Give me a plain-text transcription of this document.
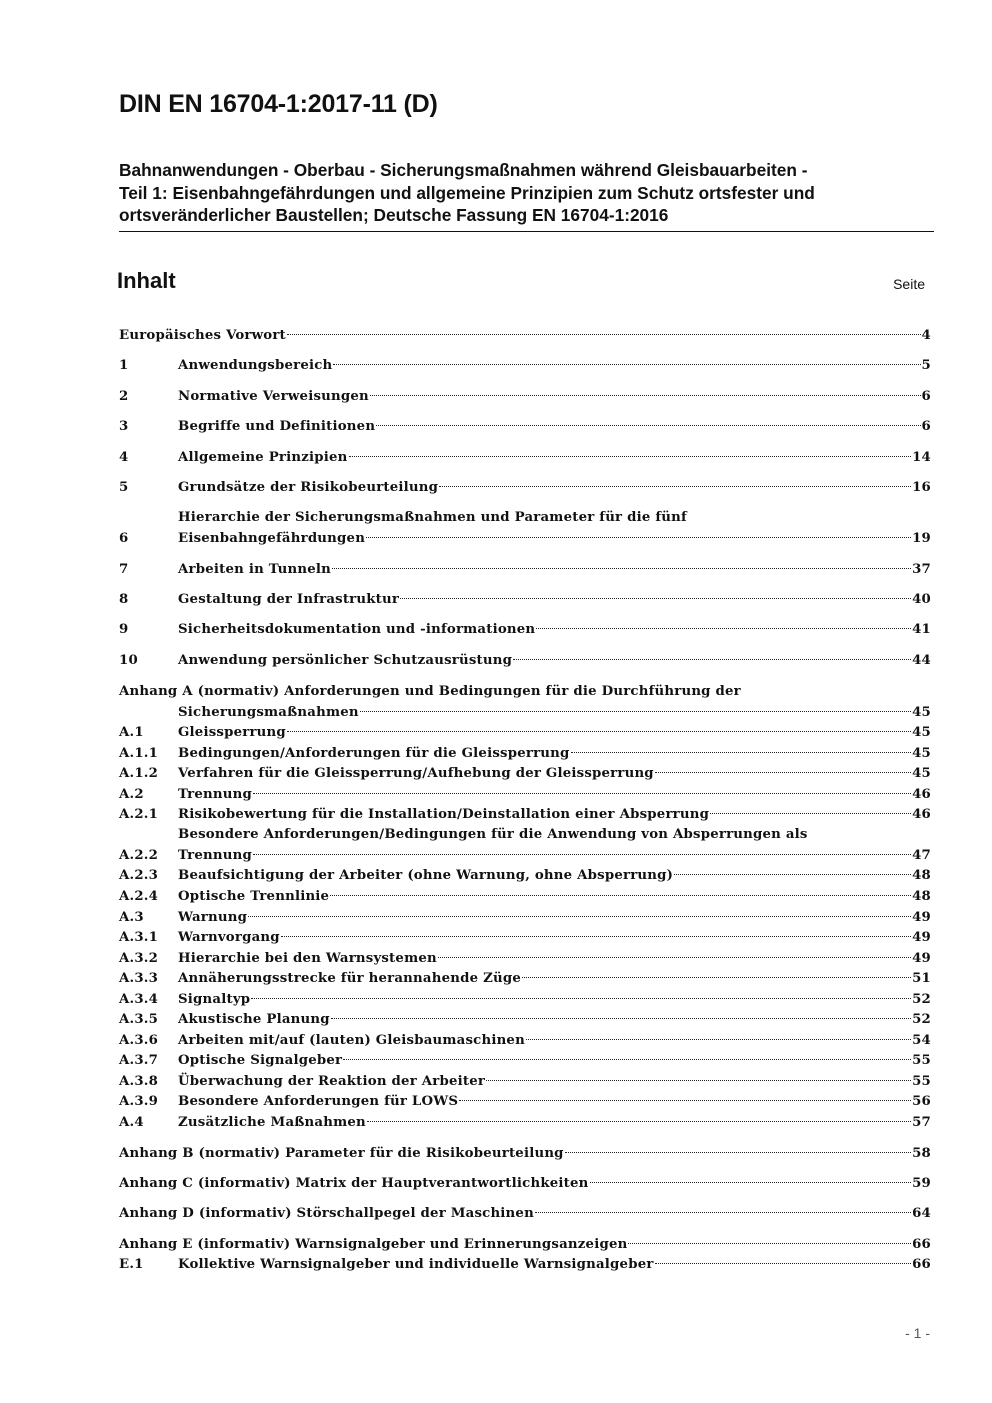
DIN EN 16704-1:2017-11 (D)
Bahnanwendungen - Oberbau - Sicherungsmaßnahmen während Gleisbauarbeiten -
Teil 1: Eisenbahngefährdungen und allgemeine Prinzipien zum Schutz ortsfester und
ortsveränderlicher Baustellen; Deutsche Fassung EN 16704-1:2016
Inhalt	Seite
Europäisches Vorwort	4
1	Anwendungsbereich	5
2	Normative Verweisungen	6
3	Begriffe und Definitionen	6
4	Allgemeine Prinzipien	14
5	Grundsätze der Risikobeurteilung	16
Hierarchie der Sicherungsmaßnahmen und Parameter für die fünf
6	Eisenbahngefährdungen	19
7	Arbeiten in Tunneln	37
8	Gestaltung der Infrastruktur	40
9	Sicherheitsdokumentation und -informationen	41
10	Anwendung persönlicher Schutzausrüstung	44
Anhang A (normativ) Anforderungen und Bedingungen für die Durchführung der
Sicherungsmaßnahmen	45
A.1	Gleissperrung	45
A.1.1	Bedingungen/Anforderungen für die Gleissperrung	45
A.1.2	Verfahren für die Gleissperrung/Aufhebung der Gleissperrung	45
A.2	Trennung	46
A.2.1	Risikobewertung für die Installation/Deinstallation einer Absperrung	46
Besondere Anforderungen/Bedingungen für die Anwendung von Absperrungen als
A.2.2	Trennung	47
A.2.3	Beaufsichtigung der Arbeiter (ohne Warnung, ohne Absperrung)	48
A.2.4	Optische Trennlinie	48
A.3	Warnung	49
A.3.1	Warnvorgang	49
A.3.2	Hierarchie bei den Warnsystemen	49
A.3.3	Annäherungsstrecke für herannahende Züge	51
A.3.4	Signaltyp	52
A.3.5	Akustische Planung	52
A.3.6	Arbeiten mit/auf (lauten) Gleisbaumaschinen	54
A.3.7	Optische Signalgeber	55
A.3.8	Überwachung der Reaktion der Arbeiter	55
A.3.9	Besondere Anforderungen für LOWS	56
A.4	Zusätzliche Maßnahmen	57
Anhang B (normativ) Parameter für die Risikobeurteilung	58
Anhang C (informativ) Matrix der Hauptverantwortlichkeiten	59
Anhang D (informativ) Störschallpegel der Maschinen	64
Anhang E (informativ) Warnsignalgeber und Erinnerungsanzeigen	66
E.1	Kollektive Warnsignalgeber und individuelle Warnsignalgeber	66
- 1 -
